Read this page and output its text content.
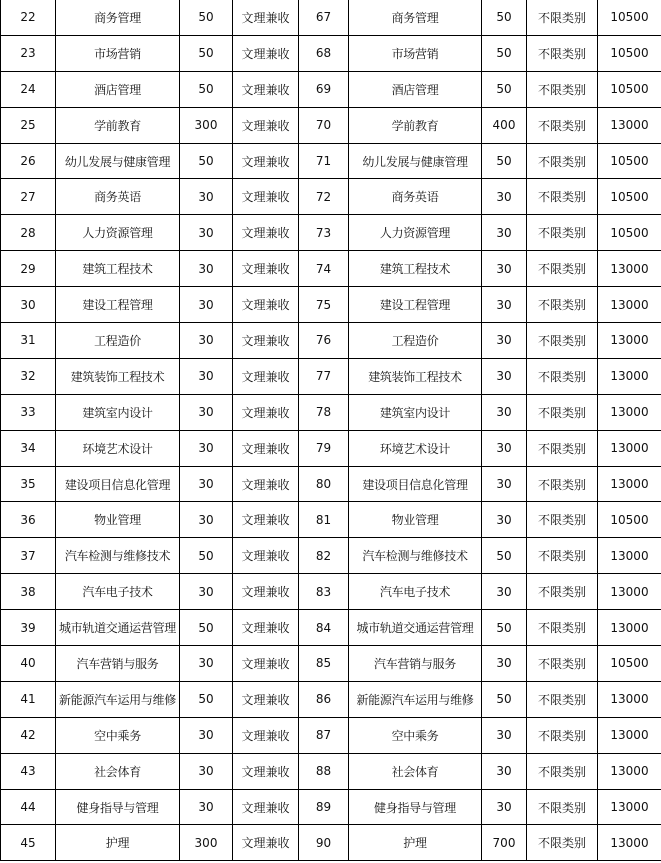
22	商务管理	50	文理兼收	67	商务管理	50	不限类别	10500
23	市场营销	50	文理兼收	68	市场营销	50	不限类别	10500
24	酒店管理	50	文理兼收	69	酒店管理	50	不限类别	10500
25	学前教育	300	文理兼收	70	学前教育	400	不限类别	13000
26	幼儿发展与健康管理	50	文理兼收	71	幼儿发展与健康管理	50	不限类别	10500
27	商务英语	30	文理兼收	72	商务英语	30	不限类别	10500
28	人力资源管理	30	文理兼收	73	人力资源管理	30	不限类别	10500
29	建筑工程技术	30	文理兼收	74	建筑工程技术	30	不限类别	13000
30	建设工程管理	30	文理兼收	75	建设工程管理	30	不限类别	13000
31	工程造价	30	文理兼收	76	工程造价	30	不限类别	13000
32	建筑装饰工程技术	30	文理兼收	77	建筑装饰工程技术	30	不限类别	13000
33	建筑室内设计	30	文理兼收	78	建筑室内设计	30	不限类别	13000
34	环境艺术设计	30	文理兼收	79	环境艺术设计	30	不限类别	13000
35	建设项目信息化管理	30	文理兼收	80	建设项目信息化管理	30	不限类别	13000
36	物业管理	30	文理兼收	81	物业管理	30	不限类别	10500
37	汽车检测与维修技术	50	文理兼收	82	汽车检测与维修技术	50	不限类别	13000
38	汽车电子技术	30	文理兼收	83	汽车电子技术	30	不限类别	13000
39	城市轨道交通运营管理	50	文理兼收	84	城市轨道交通运营管理	50	不限类别	13000
40	汽车营销与服务	30	文理兼收	85	汽车营销与服务	30	不限类别	10500
41	新能源汽车运用与维修	50	文理兼收	86	新能源汽车运用与维修	50	不限类别	13000
42	空中乘务	30	文理兼收	87	空中乘务	30	不限类别	13000
43	社会体育	30	文理兼收	88	社会体育	30	不限类别	13000
44	健身指导与管理	30	文理兼收	89	健身指导与管理	30	不限类别	13000
45	护理	300	文理兼收	90	护理	700	不限类别	13000
